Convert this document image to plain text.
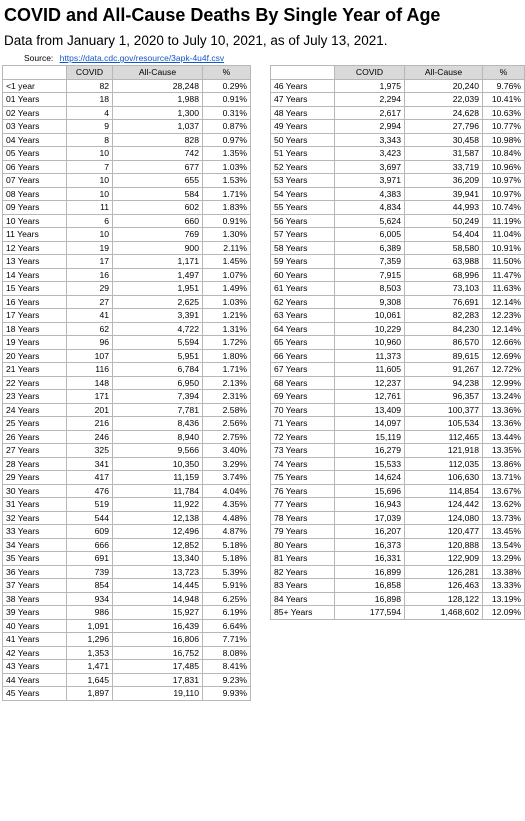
COVID and All-Cause Deaths By Single Year of Age
Data from January 1, 2020 to July 10, 2021, as of July 13, 2021.
Source: https://data.cdc.gov/resource/3apk-4u4f.csv
	COVID	All-Cause	%
<1 year	82	28,248	0.29%
01 Years	18	1,988	0.91%
02 Years	4	1,300	0.31%
03 Years	9	1,037	0.87%
04 Years	8	828	0.97%
05 Years	10	742	1.35%
06 Years	7	677	1.03%
07 Years	10	655	1.53%
08 Years	10	584	1.71%
09 Years	11	602	1.83%
10 Years	6	660	0.91%
11 Years	10	769	1.30%
12 Years	19	900	2.11%
13 Years	17	1,171	1.45%
14 Years	16	1,497	1.07%
15 Years	29	1,951	1.49%
16 Years	27	2,625	1.03%
17 Years	41	3,391	1.21%
18 Years	62	4,722	1.31%
19 Years	96	5,594	1.72%
20 Years	107	5,951	1.80%
21 Years	116	6,784	1.71%
22 Years	148	6,950	2.13%
23 Years	171	7,394	2.31%
24 Years	201	7,781	2.58%
25 Years	216	8,436	2.56%
26 Years	246	8,940	2.75%
27 Years	325	9,566	3.40%
28 Years	341	10,350	3.29%
29 Years	417	11,159	3.74%
30 Years	476	11,784	4.04%
31 Years	519	11,922	4.35%
32 Years	544	12,138	4.48%
33 Years	609	12,496	4.87%
34 Years	666	12,852	5.18%
35 Years	691	13,340	5.18%
36 Years	739	13,723	5.39%
37 Years	854	14,445	5.91%
38 Years	934	14,948	6.25%
39 Years	986	15,927	6.19%
40 Years	1,091	16,439	6.64%
41 Years	1,296	16,806	7.71%
42 Years	1,353	16,752	8.08%
43 Years	1,471	17,485	8.41%
44 Years	1,645	17,831	9.23%
45 Years	1,897	19,110	9.93%
	COVID	All-Cause	%
46 Years	1,975	20,240	9.76%
47 Years	2,294	22,039	10.41%
48 Years	2,617	24,628	10.63%
49 Years	2,994	27,796	10.77%
50 Years	3,343	30,458	10.98%
51 Years	3,423	31,587	10.84%
52 Years	3,697	33,719	10.96%
53 Years	3,971	36,209	10.97%
54 Years	4,383	39,941	10.97%
55 Years	4,834	44,993	10.74%
56 Years	5,624	50,249	11.19%
57 Years	6,005	54,404	11.04%
58 Years	6,389	58,580	10.91%
59 Years	7,359	63,988	11.50%
60 Years	7,915	68,996	11.47%
61 Years	8,503	73,103	11.63%
62 Years	9,308	76,691	12.14%
63 Years	10,061	82,283	12.23%
64 Years	10,229	84,230	12.14%
65 Years	10,960	86,570	12.66%
66 Years	11,373	89,615	12.69%
67 Years	11,605	91,267	12.72%
68 Years	12,237	94,238	12.99%
69 Years	12,761	96,357	13.24%
70 Years	13,409	100,377	13.36%
71 Years	14,097	105,534	13.36%
72 Years	15,119	112,465	13.44%
73 Years	16,279	121,918	13.35%
74 Years	15,533	112,035	13.86%
75 Years	14,624	106,630	13.71%
76 Years	15,696	114,854	13.67%
77 Years	16,943	124,442	13.62%
78 Years	17,039	124,080	13.73%
79 Years	16,207	120,477	13.45%
80 Years	16,373	120,888	13.54%
81 Years	16,331	122,909	13.29%
82 Years	16,899	126,281	13.38%
83 Years	16,858	126,463	13.33%
84 Years	16,898	128,122	13.19%
85+ Years	177,594	1,468,602	12.09%
